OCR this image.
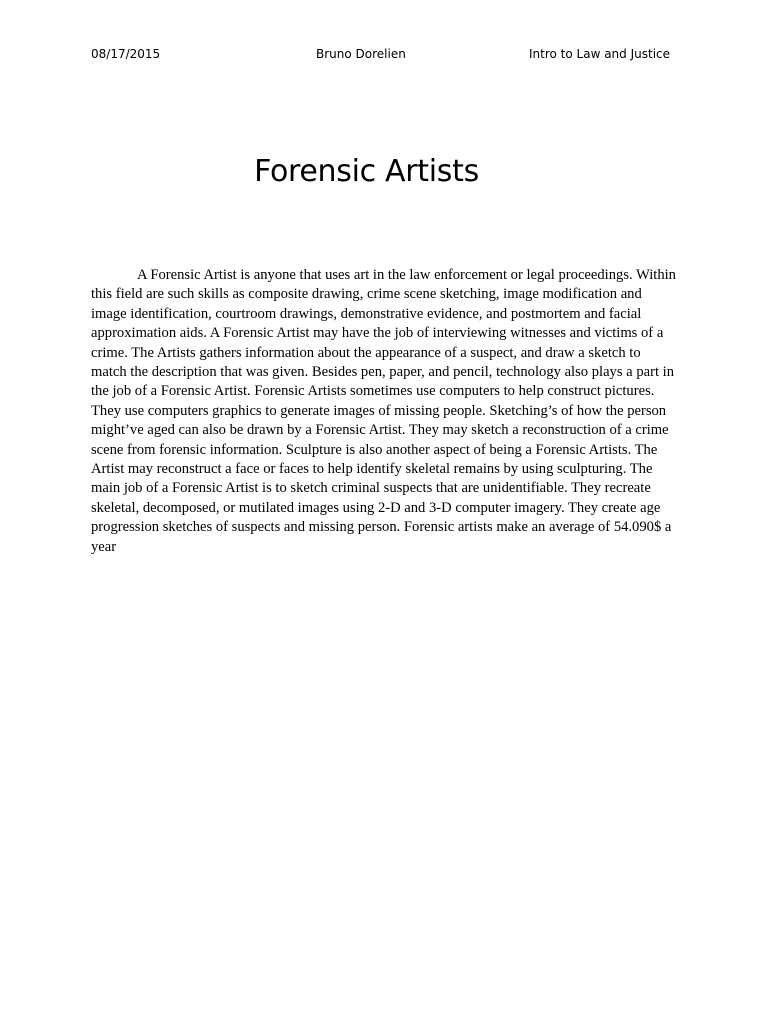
08/17/2015	Bruno Dorelien	Intro to Law and Justice
Forensic Artists

A Forensic Artist is anyone that uses art in the law enforcement or legal proceedings. Within this field are such skills as composite drawing, crime scene sketching, image modification and image identification, courtroom drawings, demonstrative evidence, and postmortem and facial approximation aids. A Forensic Artist may have the job of interviewing witnesses and victims of a crime. The Artists gathers information about the appearance of a suspect, and draw a sketch to match the description that was given. Besides pen, paper, and pencil, technology also plays a part in the job of a Forensic Artist. Forensic Artists sometimes use computers to help construct pictures. They use computers graphics to generate images of missing people. Sketching’s of how the person might’ve aged can also be drawn by a Forensic Artist. They may sketch a reconstruction of a crime scene from forensic information. Sculpture is also another aspect of being a Forensic Artists. The Artist may reconstruct a face or faces to help identify skeletal remains by using sculpturing. The main job of a Forensic Artist is to sketch criminal suspects that are unidentifiable. They recreate skeletal, decomposed, or mutilated images using 2-D and 3-D computer imagery. They create age progression sketches of suspects and missing person. Forensic artists make an average of 54.090$ a year
